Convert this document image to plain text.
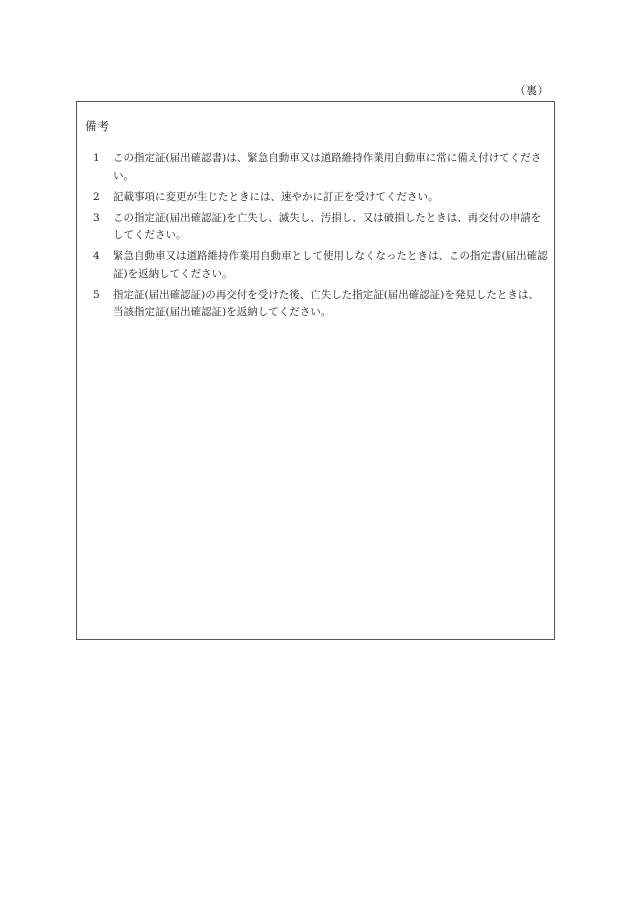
（裏）
備考
1 この指定証(届出確認書)は、緊急自動車又は道路維持作業用自動車に常に備え付けてください。
2 記載事項に変更が生じたときには、速やかに訂正を受けてください。
3 この指定証(届出確認証)を亡失し、滅失し、汚損し、又は破損したときは、再交付の申請をしてください。
4 緊急自動車又は道路維持作業用自動車として使用しなくなったときは、この指定書(届出確認証)を返納してください。
5 指定証(届出確認証)の再交付を受けた後、亡失した指定証(届出確認証)を発見したときは、当該指定証(届出確認証)を返納してください。
